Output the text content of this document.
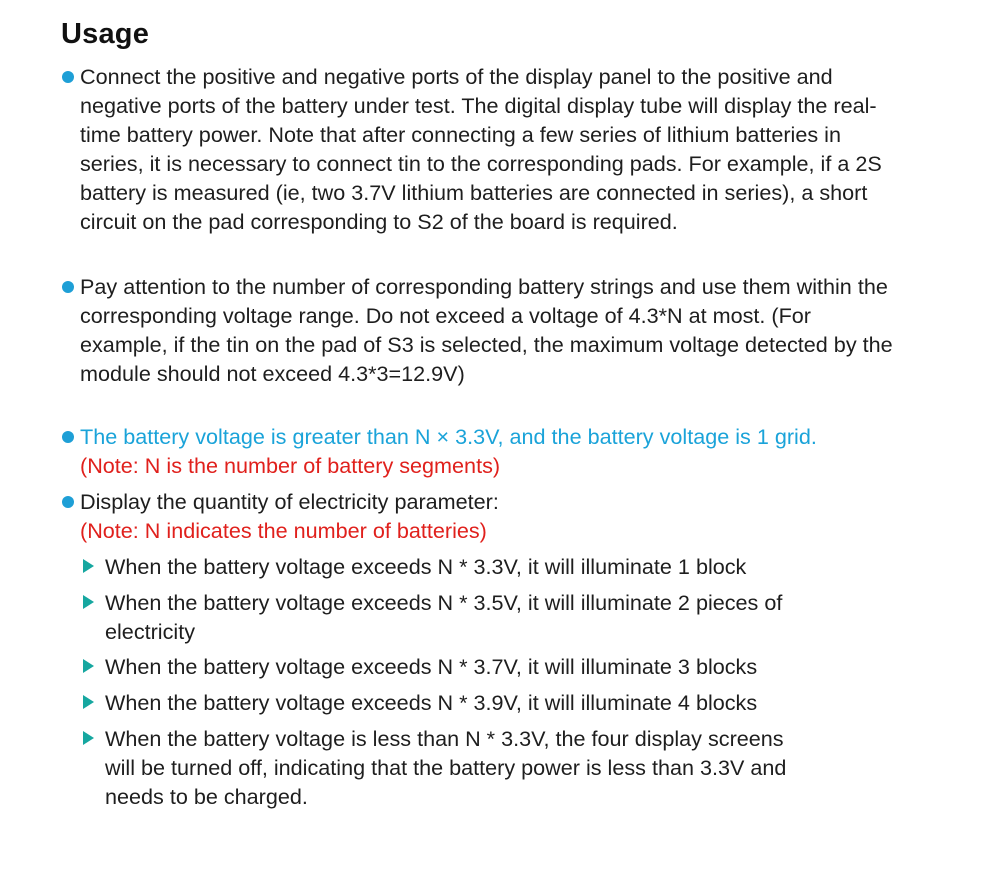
Usage
Connect the positive and negative ports of the display panel to the positive and negative ports of the battery under test. The digital display tube will display the real-time battery power. Note that after connecting a few series of lithium batteries in series, it is necessary to connect tin to the corresponding pads. For example, if a 2S battery is measured (ie, two 3.7V lithium batteries are connected in series), a short circuit on the pad corresponding to S2 of the board is required.
Pay attention to the number of corresponding battery strings and use them within the corresponding voltage range. Do not exceed a voltage of 4.3*N at most. (For example, if the tin on the pad of S3 is selected, the maximum voltage detected by the module should not exceed 4.3*3=12.9V)
The battery voltage is greater than N × 3.3V, and the battery voltage is 1 grid. (Note: N is the number of battery segments)
Display the quantity of electricity parameter:
(Note: N indicates the number of batteries)
When the battery voltage exceeds N * 3.3V, it will illuminate 1 block
When the battery voltage exceeds N * 3.5V, it will illuminate 2 pieces of electricity
When the battery voltage exceeds N * 3.7V, it will illuminate 3 blocks
When the battery voltage exceeds N * 3.9V, it will illuminate 4 blocks
When the battery voltage is less than N * 3.3V, the four display screens will be turned off, indicating that the battery power is less than 3.3V and needs to be charged.
